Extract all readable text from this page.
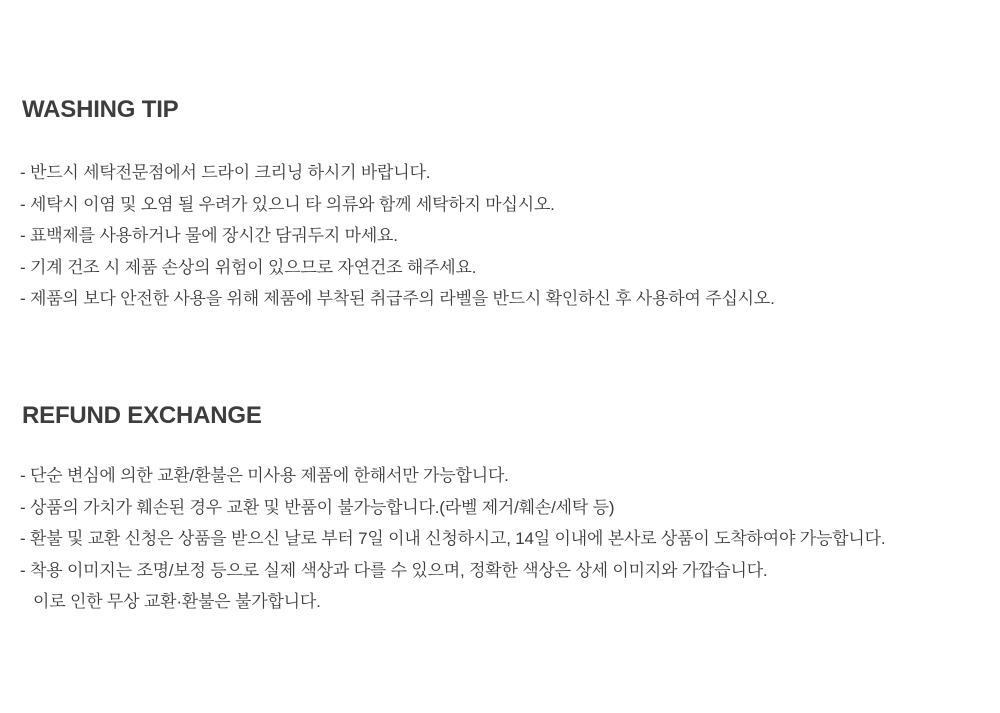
WASHING TIP

- 반드시 세탁전문점에서 드라이 크리닝 하시기 바랍니다.

- 세탁시 이염 및 오염 될 우려가 있으니 타 의류와 함께 세탁하지 마십시오.

- 표백제를 사용하거나 물에 장시간 담궈두지 마세요.

- 기계 건조 시 제품 손상의 위험이 있으므로 자연건조 해주세요.

- 제품의 보다 안전한 사용을 위해 제품에 부착된 취급주의 라벨을 반드시 확인하신 후 사용하여 주십시오.

REFUND EXCHANGE

- 단순 변심에 의한 교환/환불은 미사용 제품에 한해서만 가능합니다.

- 상품의 가치가 훼손된 경우 교환 및 반품이 불가능합니다.(라벨 제거/훼손/세탁 등)

- 환불 및 교환 신청은 상품을 받으신 날로 부터 7일 이내 신청하시고, 14일 이내에 본사로 상품이 도착하여야 가능합니다.

- 착용 이미지는 조명/보정 등으로 실제 색상과 다를 수 있으며, 정확한 색상은 상세 이미지와 가깝습니다.

이로 인한 무상 교환·환불은 불가합니다.
